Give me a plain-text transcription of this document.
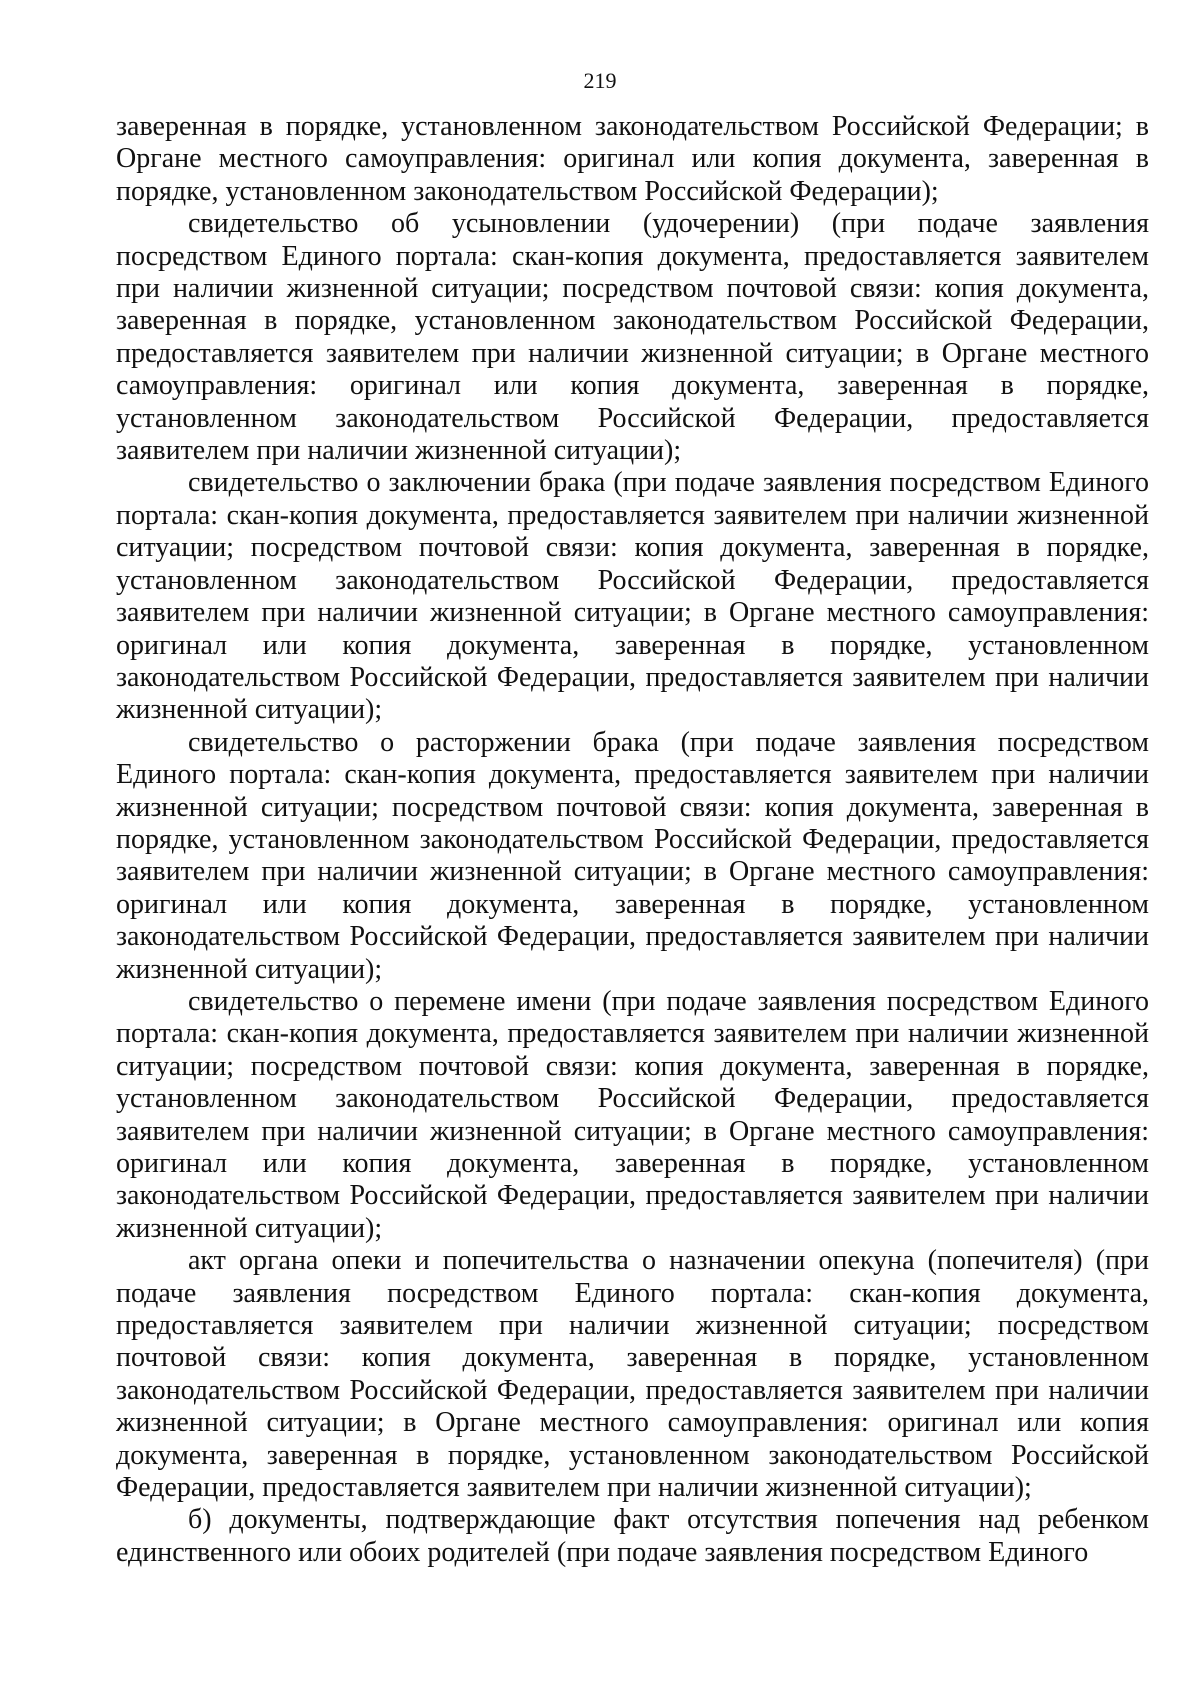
219

заверенная в порядке, установленном законодательством Российской Федерации; в Органе местного самоуправления: оригинал или копия документа, заверенная в порядке, установленном законодательством Российской Федерации);

свидетельство об усыновлении (удочерении) (при подаче заявления посредством Единого портала: скан-копия документа, предоставляется заявителем при наличии жизненной ситуации; посредством почтовой связи: копия документа, заверенная в порядке, установленном законодательством Российской Федерации, предоставляется заявителем при наличии жизненной ситуации; в Органе местного самоуправления: оригинал или копия документа, заверенная в порядке, установленном законодательством Российской Федерации, предоставляется заявителем при наличии жизненной ситуации);

свидетельство о заключении брака (при подаче заявления посредством Единого портала: скан-копия документа, предоставляется заявителем при наличии жизненной ситуации; посредством почтовой связи: копия документа, заверенная в порядке, установленном законодательством Российской Федерации, предоставляется заявителем при наличии жизненной ситуации; в Органе местного самоуправления: оригинал или копия документа, заверенная в порядке, установленном законодательством Российской Федерации, предоставляется заявителем при наличии жизненной ситуации);

свидетельство о расторжении брака (при подаче заявления посредством Единого портала: скан-копия документа, предоставляется заявителем при наличии жизненной ситуации; посредством почтовой связи: копия документа, заверенная в порядке, установленном законодательством Российской Федерации, предоставляется заявителем при наличии жизненной ситуации; в Органе местного самоуправления: оригинал или копия документа, заверенная в порядке, установленном законодательством Российской Федерации, предоставляется заявителем при наличии жизненной ситуации);

свидетельство о перемене имени (при подаче заявления посредством Единого портала: скан-копия документа, предоставляется заявителем при наличии жизненной ситуации; посредством почтовой связи: копия документа, заверенная в порядке, установленном законодательством Российской Федерации, предоставляется заявителем при наличии жизненной ситуации; в Органе местного самоуправления: оригинал или копия документа, заверенная в порядке, установленном законодательством Российской Федерации, предоставляется заявителем при наличии жизненной ситуации);

акт органа опеки и попечительства о назначении опекуна (попечителя) (при подаче заявления посредством Единого портала: скан-копия документа, предоставляется заявителем при наличии жизненной ситуации; посредством почтовой связи: копия документа, заверенная в порядке, установленном законодательством Российской Федерации, предоставляется заявителем при наличии жизненной ситуации; в Органе местного самоуправления: оригинал или копия документа, заверенная в порядке, установленном законодательством Российской Федерации, предоставляется заявителем при наличии жизненной ситуации);

б) документы, подтверждающие факт отсутствия попечения над ребенком единственного или обоих родителей (при подаче заявления посредством Единого
